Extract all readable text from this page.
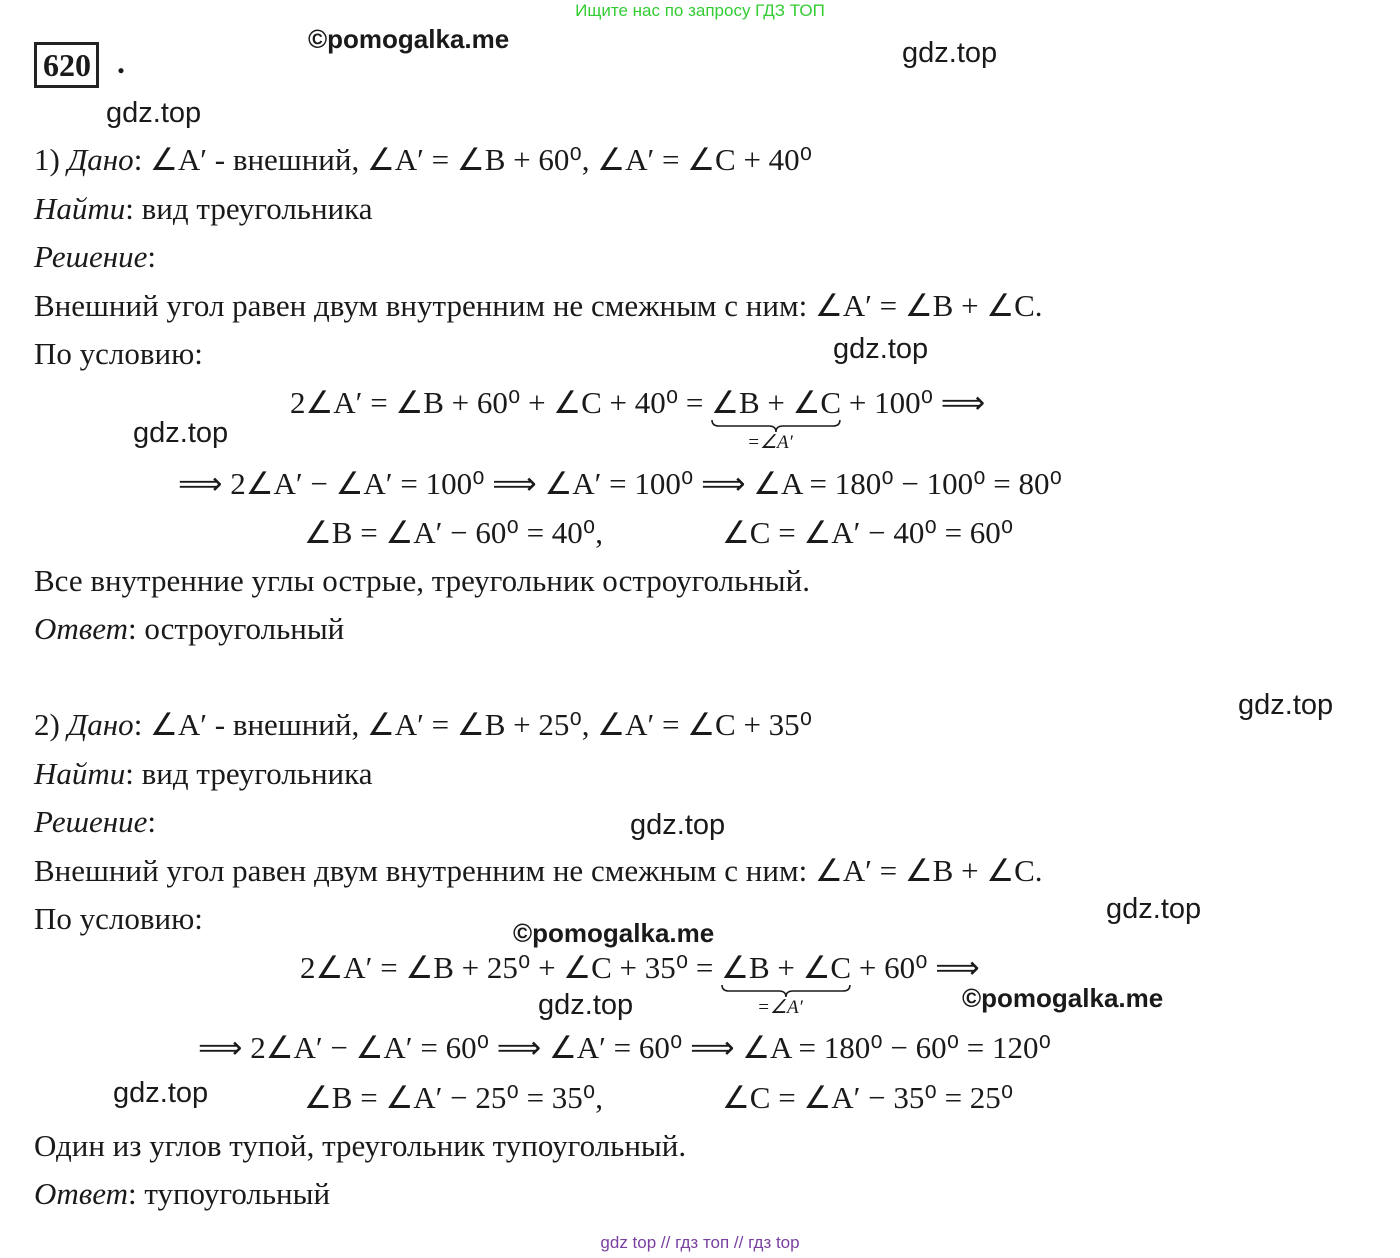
Ищите нас по запросу ГДЗ ТОП
gdz top // гдз топ // гдз top
620 .
©pomogalka.me	gdz.top
gdz.top
gdz.top
gdz.top
gdz.top
gdz.top
gdz.top
©pomogalka.me
gdz.top	©pomogalka.me
gdz.top
1) Дано: ∠A′ - внешний, ∠A′ = ∠B + 60⁰, ∠A′ = ∠C + 40⁰
Найти: вид треугольника
Решение:
Внешний угол равен двум внутренним не смежным с ним: ∠A′ = ∠B + ∠C.
По условию:
2∠A′ = ∠B + 60⁰ + ∠C + 40⁰ = ∠B + ∠C
=∠A′
+ 100⁰ ⟹
⟹ 2∠A′ − ∠A′ = 100⁰ ⟹ ∠A′ = 100⁰ ⟹ ∠A = 180⁰ − 100⁰ = 80⁰
∠B = ∠A′ − 60⁰ = 40⁰,	∠C = ∠A′ − 40⁰ = 60⁰
Все внутренние углы острые, треугольник остроугольный.
Ответ: остроугольный
2) Дано: ∠A′ - внешний, ∠A′ = ∠B + 25⁰, ∠A′ = ∠C + 35⁰
Найти: вид треугольника
Решение:
Внешний угол равен двум внутренним не смежным с ним: ∠A′ = ∠B + ∠C.
По условию:
2∠A′ = ∠B + 25⁰ + ∠C + 35⁰ = ∠B + ∠C
=∠A′
+ 60⁰ ⟹
⟹ 2∠A′ − ∠A′ = 60⁰ ⟹ ∠A′ = 60⁰ ⟹ ∠A = 180⁰ − 60⁰ = 120⁰
∠B = ∠A′ − 25⁰ = 35⁰,	∠C = ∠A′ − 35⁰ = 25⁰
Один из углов тупой, треугольник тупоугольный.
Ответ: тупоугольный
